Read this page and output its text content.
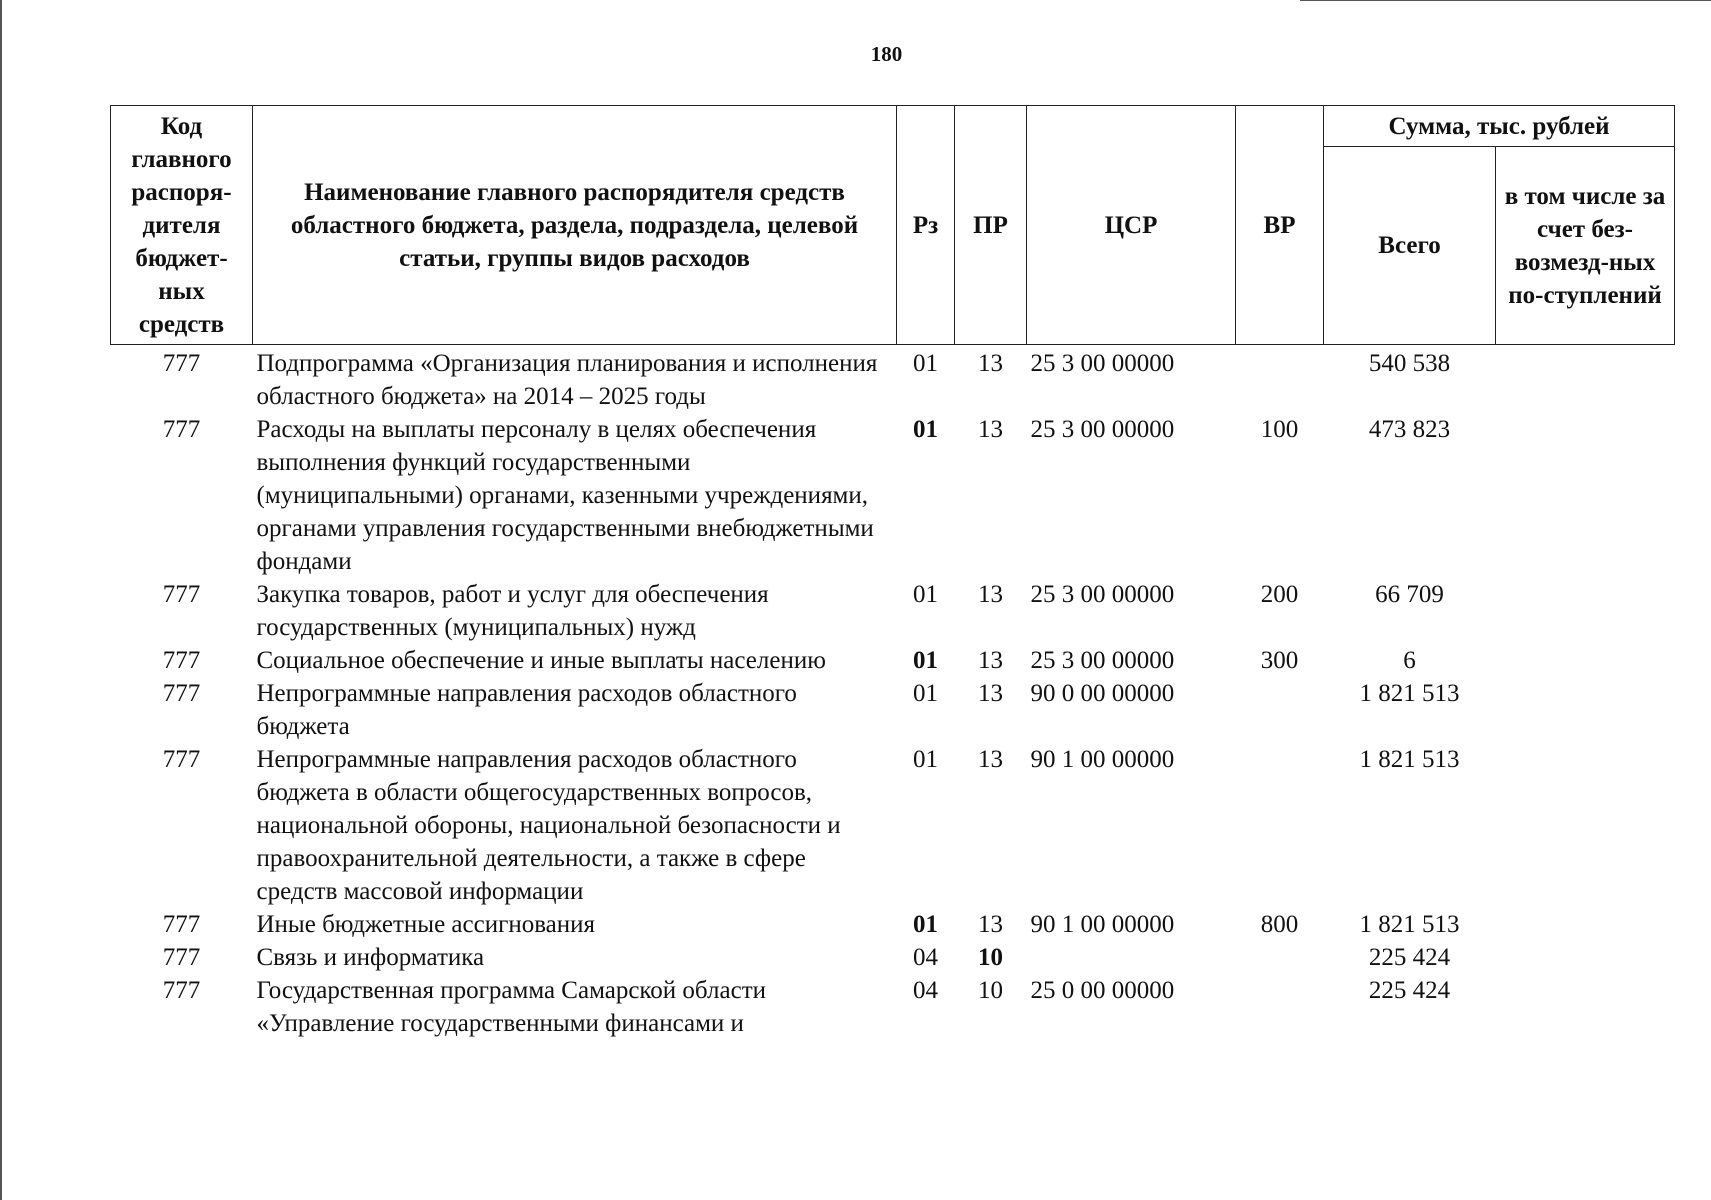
180
Код главного распоря-дителя бюджет-ных средств	Наименование главного распорядителя средств областного бюджета, раздела, подраздела, целевой статьи, группы видов расходов	Рз	ПР	ЦСР	ВР	Сумма, тыс. рублей	
						Всего	в том числе за счет без-возмезд-ных по-ступлений
777	Подпрограмма «Организация планирования и исполнения областного бюджета» на 2014 – 2025 годы	01	13	25 3 00 00000		540 538	
777	Расходы на выплаты персоналу в целях обеспечения выполнения функций государственными (муниципальными) органами, казенными учреждениями, органами управления государственными внебюджетными фондами	01	13	25 3 00 00000	100	473 823	
777	Закупка товаров, работ и услуг для обеспечения государственных (муниципальных) нужд	01	13	25 3 00 00000	200	66 709	
777	Социальное обеспечение и иные выплаты населению	01	13	25 3 00 00000	300	6	
777	Непрограммные направления расходов областного бюджета	01	13	90 0 00 00000		1 821 513	
777	Непрограммные направления расходов областного бюджета в области общегосударственных вопросов, национальной обороны, национальной безопасности и правоохранительной деятельности, а также в сфере средств массовой информации	01	13	90 1 00 00000		1 821 513	
777	Иные бюджетные ассигнования	01	13	90 1 00 00000	800	1 821 513	
777	Связь и информатика	04	10			225 424	
777	Государственная программа Самарской области «Управление государственными финансами и	04	10	25 0 00 00000		225 424	
